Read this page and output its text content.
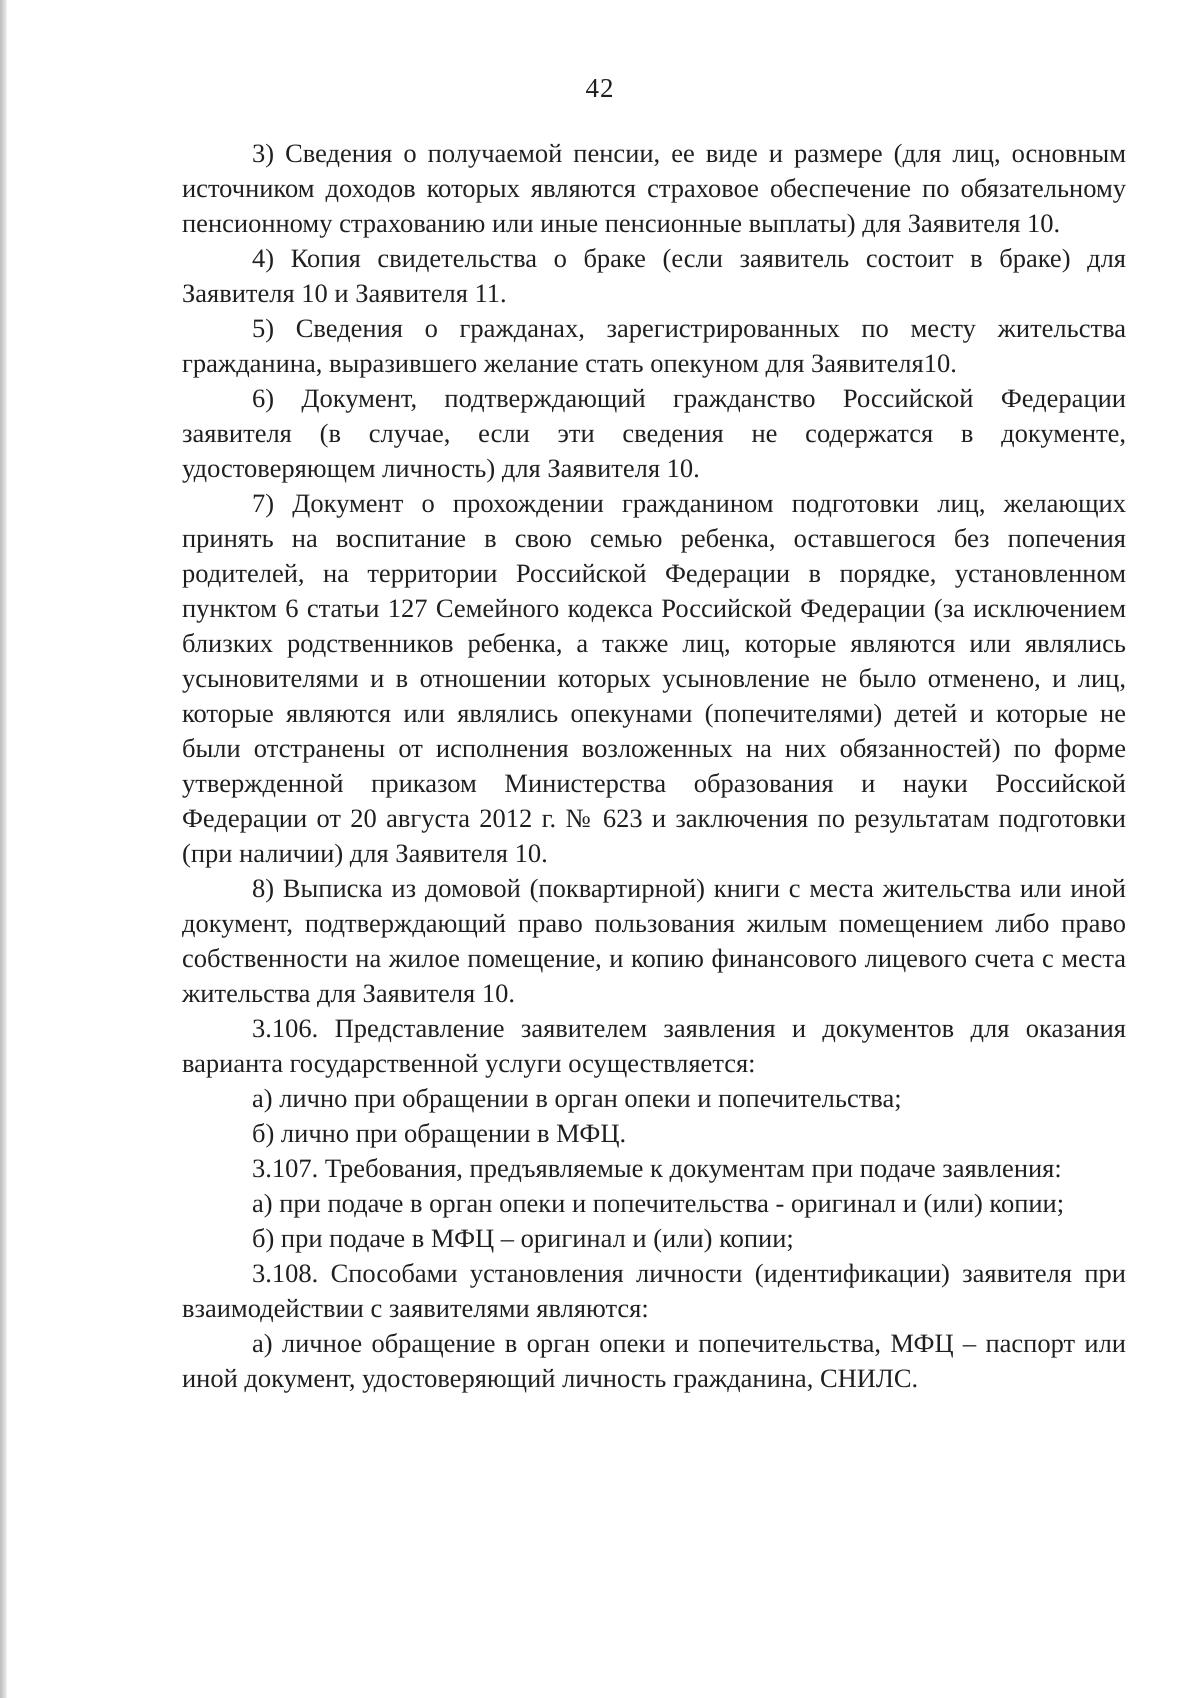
42

3) Сведения о получаемой пенсии, ее виде и размере (для лиц, основным источником доходов которых являются страховое обеспечение по обязательному пенсионному страхованию или иные пенсионные выплаты) для Заявителя 10.

4) Копия свидетельства о браке (если заявитель состоит в браке) для Заявителя 10 и Заявителя 11.

5) Сведения о гражданах, зарегистрированных по месту жительства гражданина, выразившего желание стать опекуном для Заявителя10.

6) Документ, подтверждающий гражданство Российской Федерации заявителя (в случае, если эти сведения не содержатся в документе, удостоверяющем личность) для Заявителя 10.

7) Документ о прохождении гражданином подготовки лиц, желающих принять на воспитание в свою семью ребенка, оставшегося без попечения родителей, на территории Российской Федерации в порядке, установленном пунктом 6 статьи 127 Семейного кодекса Российской Федерации (за исключением близких родственников ребенка, а также лиц, которые являются или являлись усыновителями и в отношении которых усыновление не было отменено, и лиц, которые являются или являлись опекунами (попечителями) детей и которые не были отстранены от исполнения возложенных на них обязанностей) по форме утвержденной приказом Министерства образования и науки Российской Федерации от 20 августа 2012 г. № 623 и заключения по результатам подготовки (при наличии) для Заявителя 10.

8) Выписка из домовой (поквартирной) книги с места жительства или иной документ, подтверждающий право пользования жилым помещением либо право собственности на жилое помещение, и копию финансового лицевого счета с места жительства для Заявителя 10.

3.106. Представление заявителем заявления и документов для оказания варианта государственной услуги осуществляется:

а) лично при обращении в орган опеки и попечительства;

б) лично при обращении в МФЦ.

3.107. Требования, предъявляемые к документам при подаче заявления:

а) при подаче в орган опеки и попечительства - оригинал и (или) копии;

б) при подаче в МФЦ – оригинал и (или) копии;

3.108. Способами установления личности (идентификации) заявителя при взаимодействии с заявителями являются:

а) личное обращение в орган опеки и попечительства, МФЦ – паспорт или иной документ, удостоверяющий личность гражданина, СНИЛС.
